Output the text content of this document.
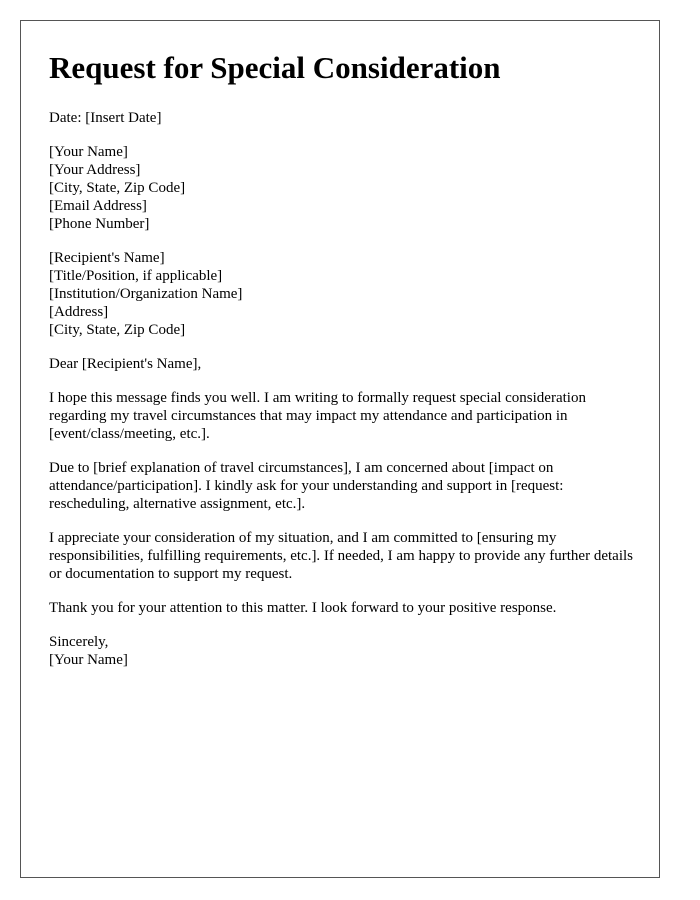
Request for Special Consideration
Date: [Insert Date]
[Your Name]
[Your Address]
[City, State, Zip Code]
[Email Address]
[Phone Number]
[Recipient's Name]
[Title/Position, if applicable]
[Institution/Organization Name]
[Address]
[City, State, Zip Code]

Dear [Recipient's Name],

I hope this message finds you well. I am writing to formally request special consideration regarding my travel circumstances that may impact my attendance and participation in [event/class/meeting, etc.].

Due to [brief explanation of travel circumstances], I am concerned about [impact on attendance/participation]. I kindly ask for your understanding and support in [request: rescheduling, alternative assignment, etc.].

I appreciate your consideration of my situation, and I am committed to [ensuring my responsibilities, fulfilling requirements, etc.]. If needed, I am happy to provide any further details or documentation to support my request.

Thank you for your attention to this matter. I look forward to your positive response.

Sincerely,
[Your Name]
